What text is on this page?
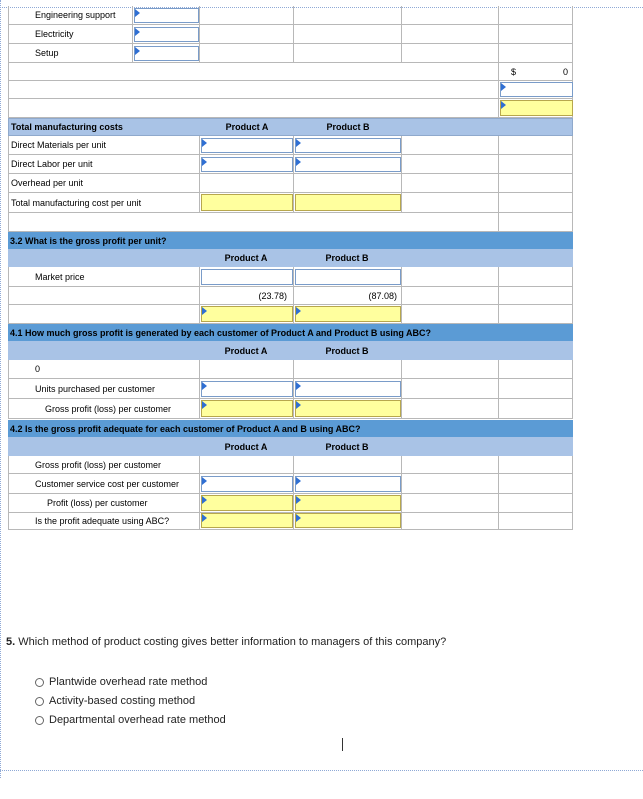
Engineering support
Electricity
Setup
$	0
Total manufacturing costs	Product A	Product B
Direct Materials per unit
Direct Labor per unit
Overhead per unit
Total manufacturing cost per unit
3.2 What is the gross profit per unit?
Product A	Product B
Market price
(23.78)	(87.08)
4.1 How much gross profit is generated by each customer of Product A and Product B using ABC?
Product A	Product B
0
Units purchased per customer
Gross profit (loss) per customer
4.2 Is the gross profit adequate for each customer of Product A and B using ABC?
Product A	Product B
Gross profit (loss) per customer
Customer service cost per customer
Profit (loss) per customer
Is the profit adequate using ABC?
5. Which method of product costing gives better information to managers of this company?
Plantwide overhead rate method
Activity-based costing method
Departmental overhead rate method
